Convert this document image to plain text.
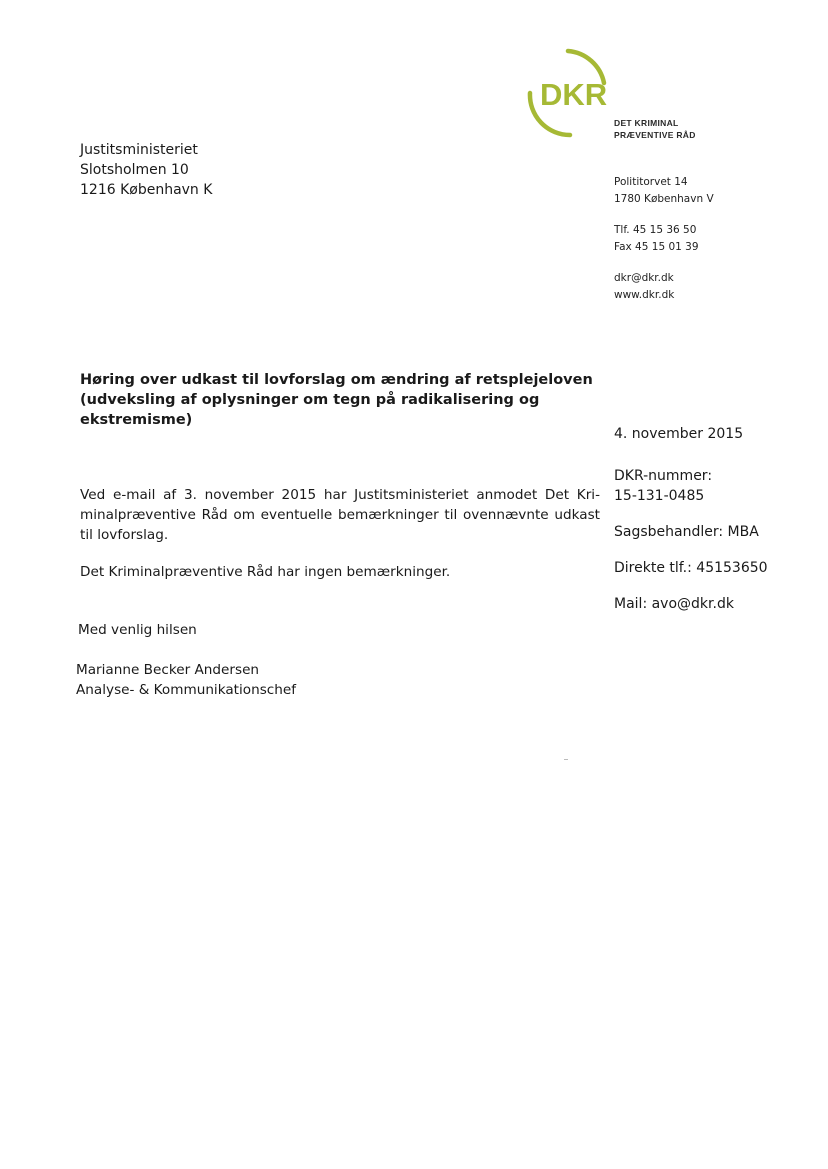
DKR
DET KRIMINAL
PRÆVENTIVE RÅD
Justitsministeriet
Slotsholmen 10
1216 København K	Polititorvet 14
1780 København V
Tlf. 45 15 36 50
Fax 45 15 01 39
dkr@dkr.dk
www.dkr.dk
Høring over udkast til lovforslag om ændring af retsplejeloven (udveksling af oplysninger om tegn på radikalisering og ekstremisme)
4. november 2015
DKR-nummer:
15-131-0485
Sagsbehandler: MBA
Direkte tlf.: 45153650
Mail: avo@dkr.dk
Ved e-mail af 3. november 2015 har Justitsministeriet anmodet Det Kriminalpræventive Råd om eventuelle bemærkninger til ovennævnte udkast til lovforslag.
Det Kriminalpræventive Råd har ingen bemærkninger.
Med venlig hilsen
Marianne Becker Andersen
Analyse- & Kommunikationschef
